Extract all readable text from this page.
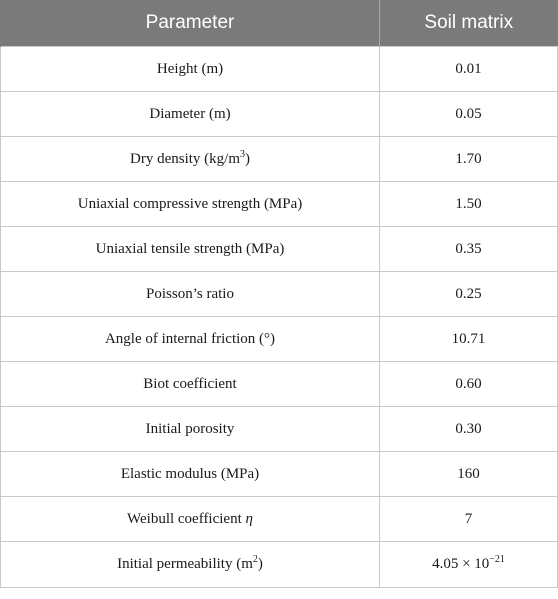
Parameter	Soil matrix
Height (m)	0.01
Diameter (m)	0.05
Dry density $(kg/m^3)$	1.70
Uniaxial compressive strength (MPa)	1.50
Uniaxial tensile strength (MPa)	0.35
Poisson’s ratio	0.25
Angle of internal friction (°)	10.71
Biot coefficient	0.60
Initial porosity	0.30
Elastic modulus (MPa)	160
Weibull coefficient η	7
Initial permeability $(m^2)$	$4.05 \times 10^{-21}$
